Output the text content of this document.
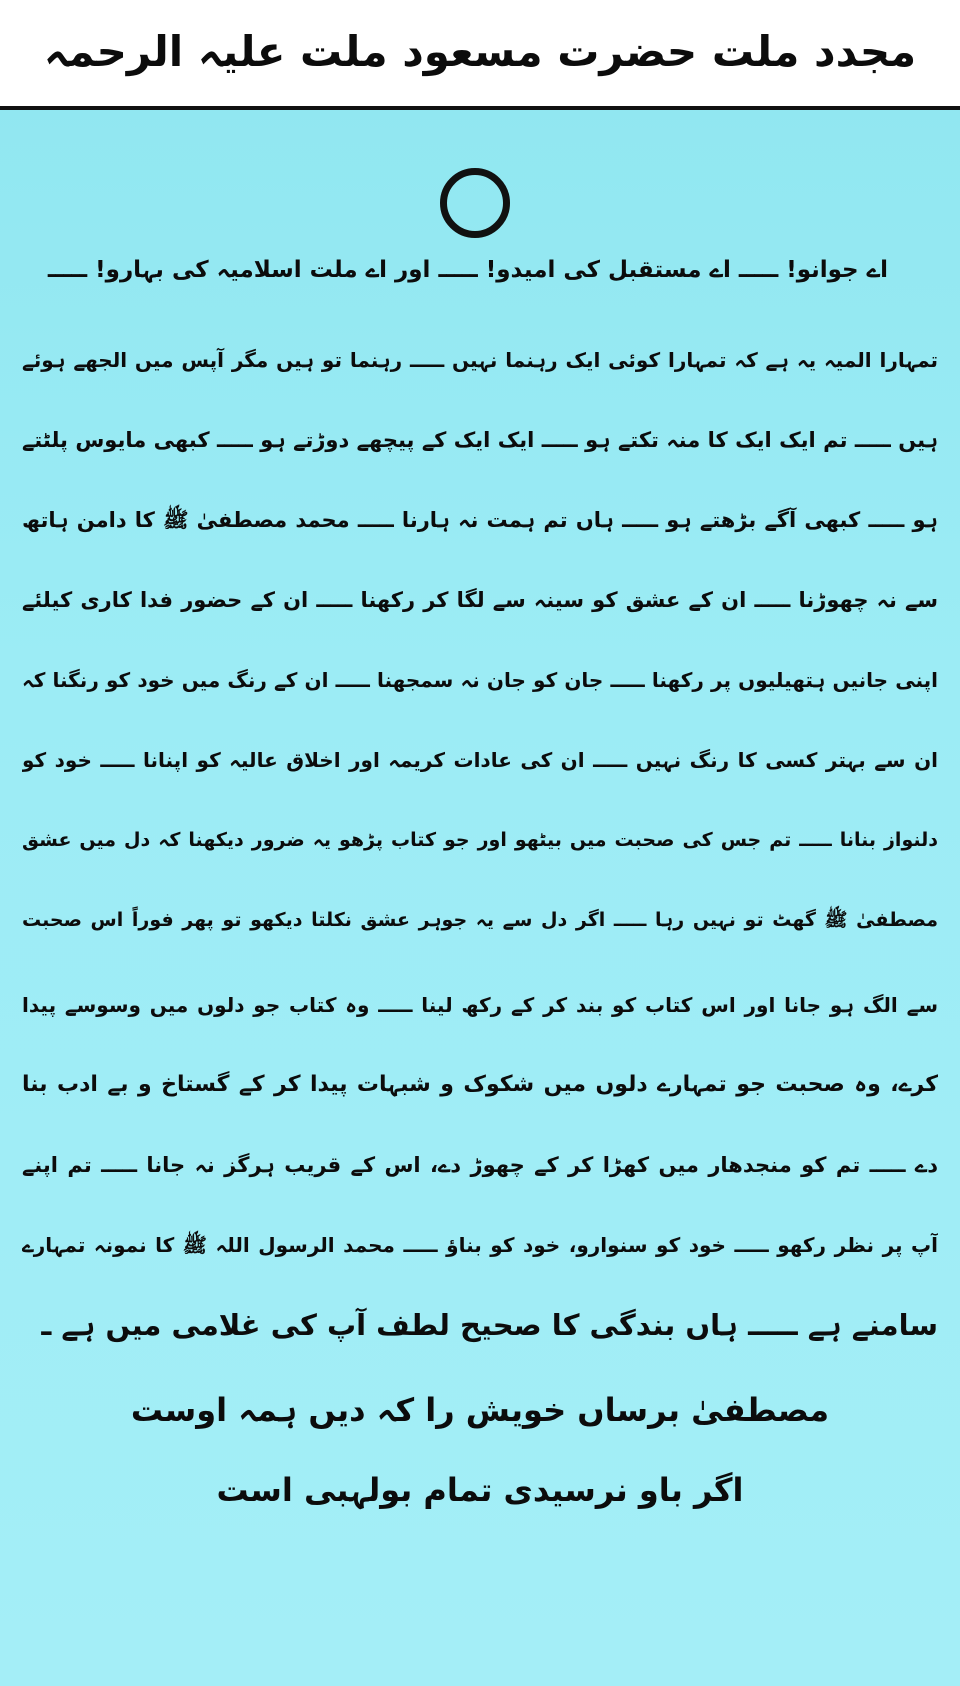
مجدد ملت حضرت مسعود ملت علیہ الرحمہ
اے جوانو! ـــــ اے مستقبل کی امیدو! ـــــ اور اے ملت اسلامیہ کی بہارو! ـــــ
تمہارا المیہ یہ ہے کہ تمہارا کوئی ایک رہنما نہیں ـــــ رہنما تو ہیں مگر آپس میں الجھے ہوئے
ہیں ـــــ تم ایک ایک کا منہ تکتے ہو ـــــ ایک ایک کے پیچھے دوڑتے ہو ـــــ کبھی مایوس پلٹتے
ہو ـــــ کبھی آگے بڑھتے ہو ـــــ ہاں تم ہمت نہ ہارنا ـــــ محمد مصطفیٰ ﷺ کا دامن ہاتھ
سے نہ چھوڑنا ـــــ ان کے عشق کو سینہ سے لگا کر رکھنا ـــــ ان کے حضور فدا کاری کیلئے
اپنی جانیں ہتھیلیوں پر رکھنا ـــــ جان کو جان نہ سمجھنا ـــــ ان کے رنگ میں خود کو رنگنا کہ
ان سے بہتر کسی کا رنگ نہیں ـــــ ان کی عادات کریمہ اور اخلاق عالیہ کو اپنانا ـــــ خود کو
دلنواز بنانا ـــــ تم جس کی صحبت میں بیٹھو اور جو کتاب پڑھو یہ ضرور دیکھنا کہ دل میں عشق
مصطفیٰ ﷺ گھٹ تو نہیں رہا ـــــ اگر دل سے یہ جوہر عشق نکلتا دیکھو تو پھر فوراً اس صحبت
سے الگ ہو جانا اور اس کتاب کو بند کر کے رکھ لینا ـــــ وہ کتاب جو دلوں میں وسوسے پیدا
کرے، وہ صحبت جو تمہارے دلوں میں شکوک و شبہات پیدا کر کے گستاخ و بے ادب بنا
دے ـــــ تم کو منجدھار میں کھڑا کر کے چھوڑ دے، اس کے قریب ہرگز نہ جانا ـــــ تم اپنے
آپ پر نظر رکھو ـــــ خود کو سنوارو، خود کو بناؤ ـــــ محمد الرسول اللہ ﷺ کا نمونہ تمہارے
سامنے ہے ـــــ ہاں بندگی کا صحیح لطف آپ کی غلامی میں ہے ـ
مصطفیٰ برساں خویش را کہ دیں ہمہ اوست
اگر باو نرسیدی تمام بولہبی است
